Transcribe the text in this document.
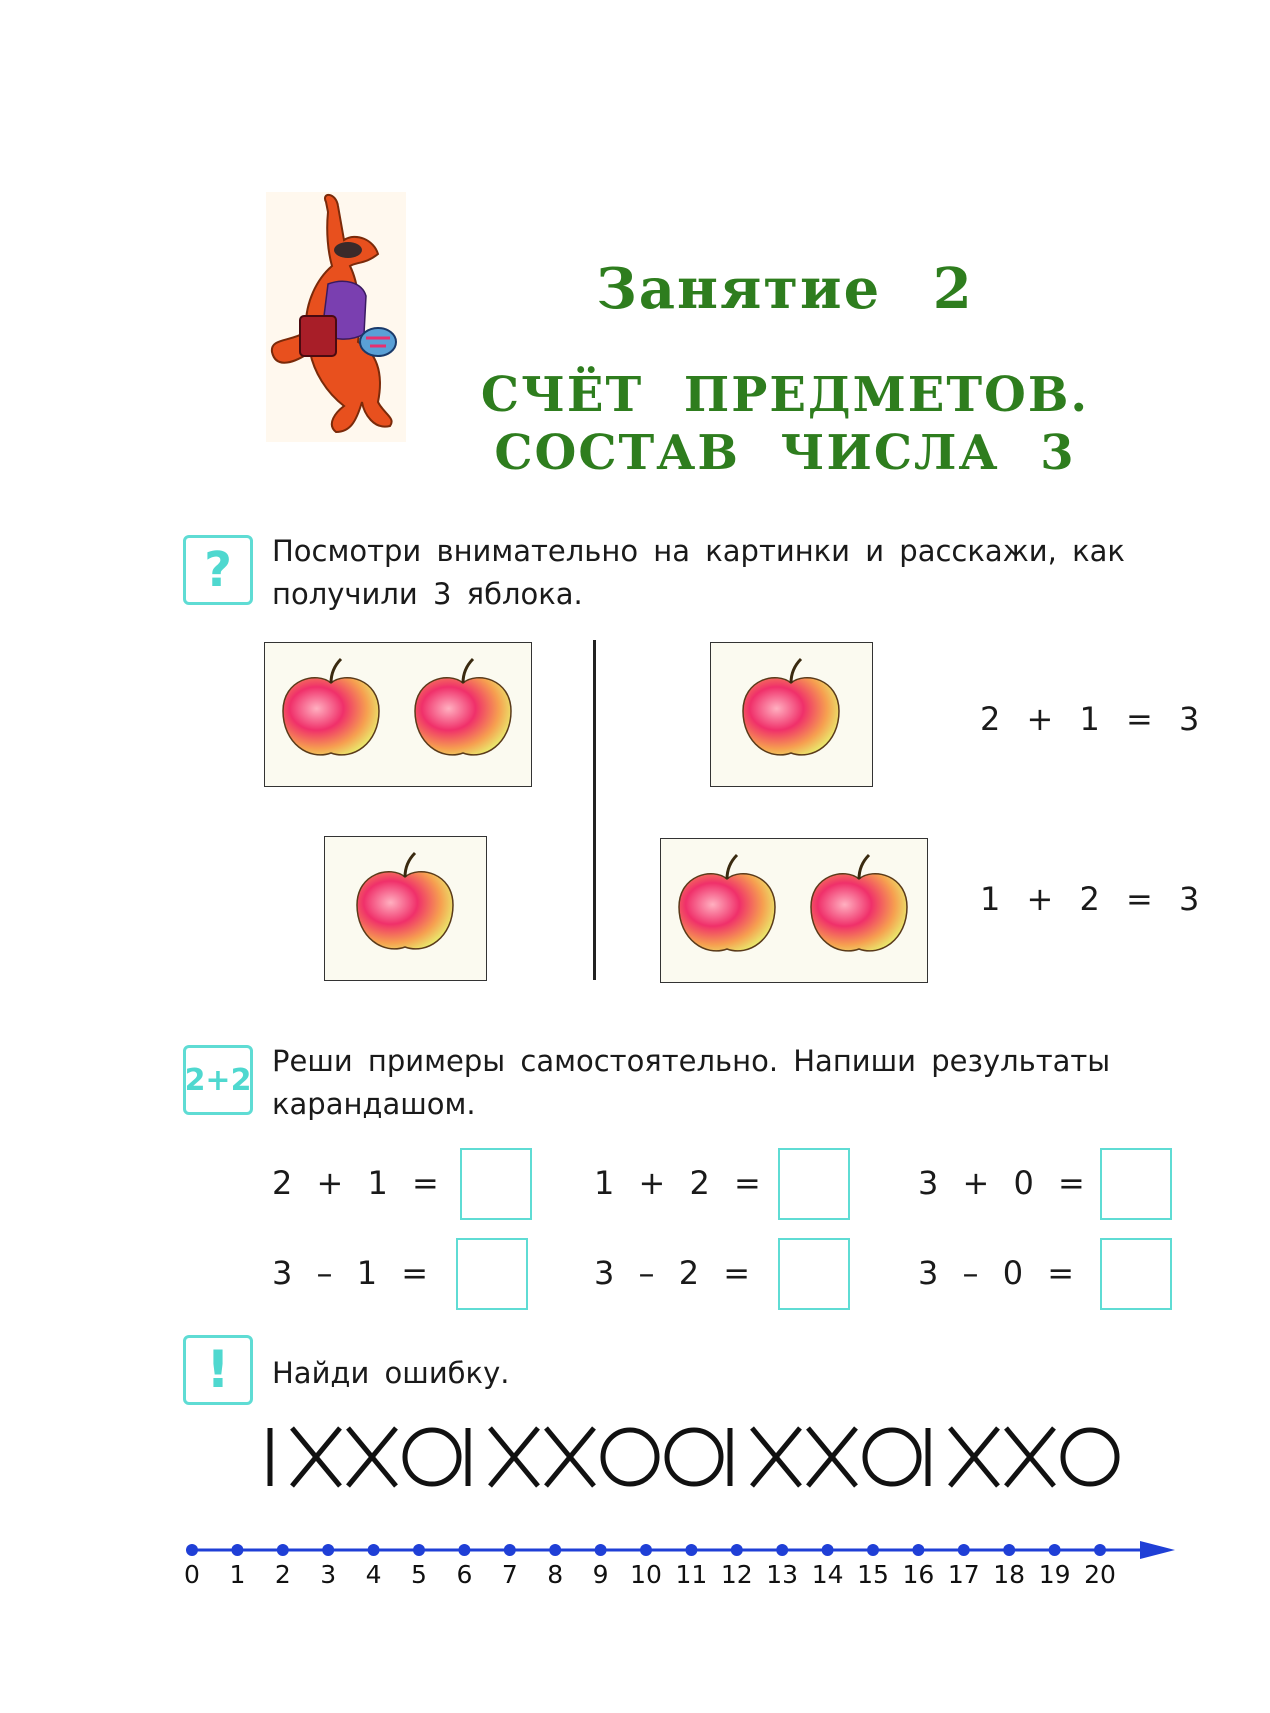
Занятие 2
СЧЁТ ПРЕДМЕТОВ.
СОСТАВ ЧИСЛА 3
?	Посмотри внимательно на картинки и расскажи, как
получили 3 яблока.
2 + 1 = 3
1 + 2 = 3
2+2
Реши примеры самостоятельно. Напиши результаты
карандашом.
2 + 1 =	1 + 2 =	3 + 0 =
3 – 1 =	3 – 2 =	3 – 0 =
!	Найди ошибку.
0	1	2	3	4	5	6	7	8	9 10 11 12 13 14 15 16 17 18 19 20
